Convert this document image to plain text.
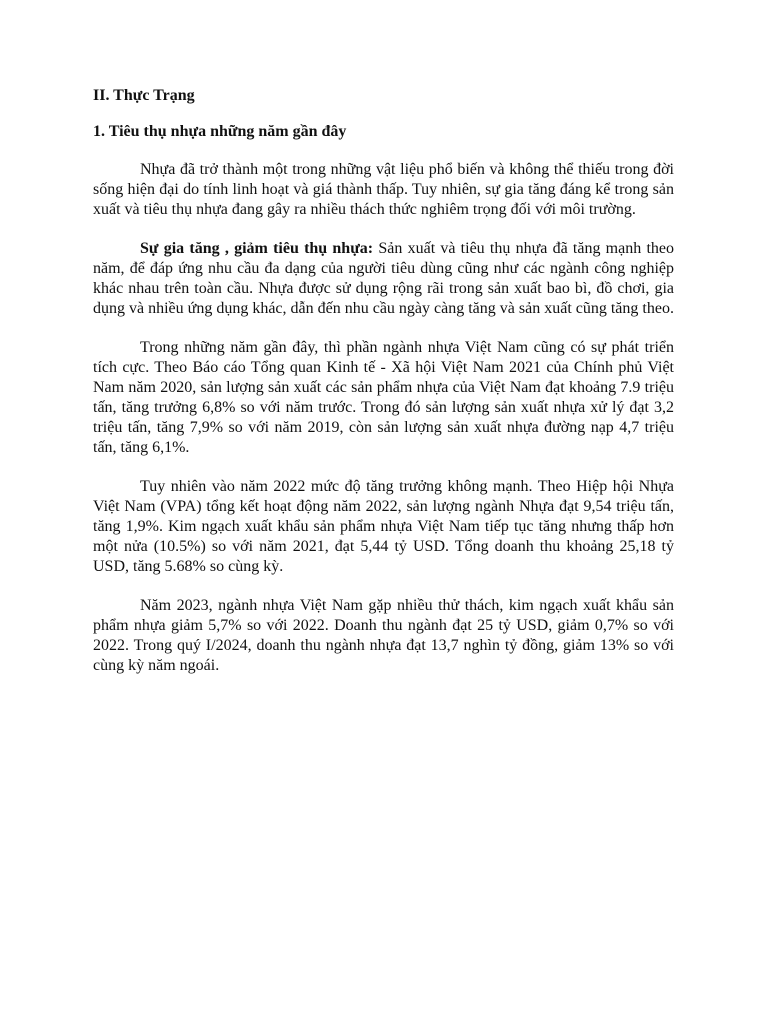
II. Thực Trạng
1. Tiêu thụ nhựa những năm gần đây

Nhựa đã trở thành một trong những vật liệu phổ biến và không thể thiếu trong đời sống hiện đại do tính linh hoạt và giá thành thấp. Tuy nhiên, sự gia tăng đáng kể trong sản xuất và tiêu thụ nhựa đang gây ra nhiều thách thức nghiêm trọng đối với môi trường.

Sự gia tăng , giảm tiêu thụ nhựa: Sản xuất và tiêu thụ nhựa đã tăng mạnh theo năm, để đáp ứng nhu cầu đa dạng của người tiêu dùng cũng như các ngành công nghiệp khác nhau trên toàn cầu. Nhựa được sử dụng rộng rãi trong sản xuất bao bì, đồ chơi, gia dụng và nhiều ứng dụng khác, dẫn đến nhu cầu ngày càng tăng và sản xuất cũng tăng theo.

Trong những năm gần đây, thì phần ngành nhựa Việt Nam cũng có sự phát triển tích cực. Theo Báo cáo Tổng quan Kinh tế - Xã hội Việt Nam 2021 của Chính phủ Việt Nam năm 2020, sản lượng sản xuất các sản phẩm nhựa của Việt Nam đạt khoảng 7.9 triệu tấn, tăng trưởng 6,8% so với năm trước. Trong đó sản lượng sản xuất nhựa xử lý đạt 3,2 triệu tấn, tăng 7,9% so với năm 2019, còn sản lượng sản xuất nhựa đường nạp 4,7 triệu tấn, tăng 6,1%.

Tuy nhiên vào năm 2022 mức độ tăng trưởng không mạnh. Theo Hiệp hội Nhựa Việt Nam (VPA) tổng kết hoạt động năm 2022, sản lượng ngành Nhựa đạt 9,54 triệu tấn, tăng 1,9%. Kim ngạch xuất khẩu sản phẩm nhựa Việt Nam tiếp tục tăng nhưng thấp hơn một nửa (10.5%) so với năm 2021, đạt 5,44 tỷ USD. Tổng doanh thu khoảng 25,18 tỷ USD, tăng 5.68% so cùng kỳ.

Năm 2023, ngành nhựa Việt Nam gặp nhiều thử thách, kim ngạch xuất khẩu sản phẩm nhựa giảm 5,7% so với 2022. Doanh thu ngành đạt 25 tỷ USD, giảm 0,7% so với 2022. Trong quý I/2024, doanh thu ngành nhựa đạt 13,7 nghìn tỷ đồng, giảm 13% so với cùng kỳ năm ngoái.
